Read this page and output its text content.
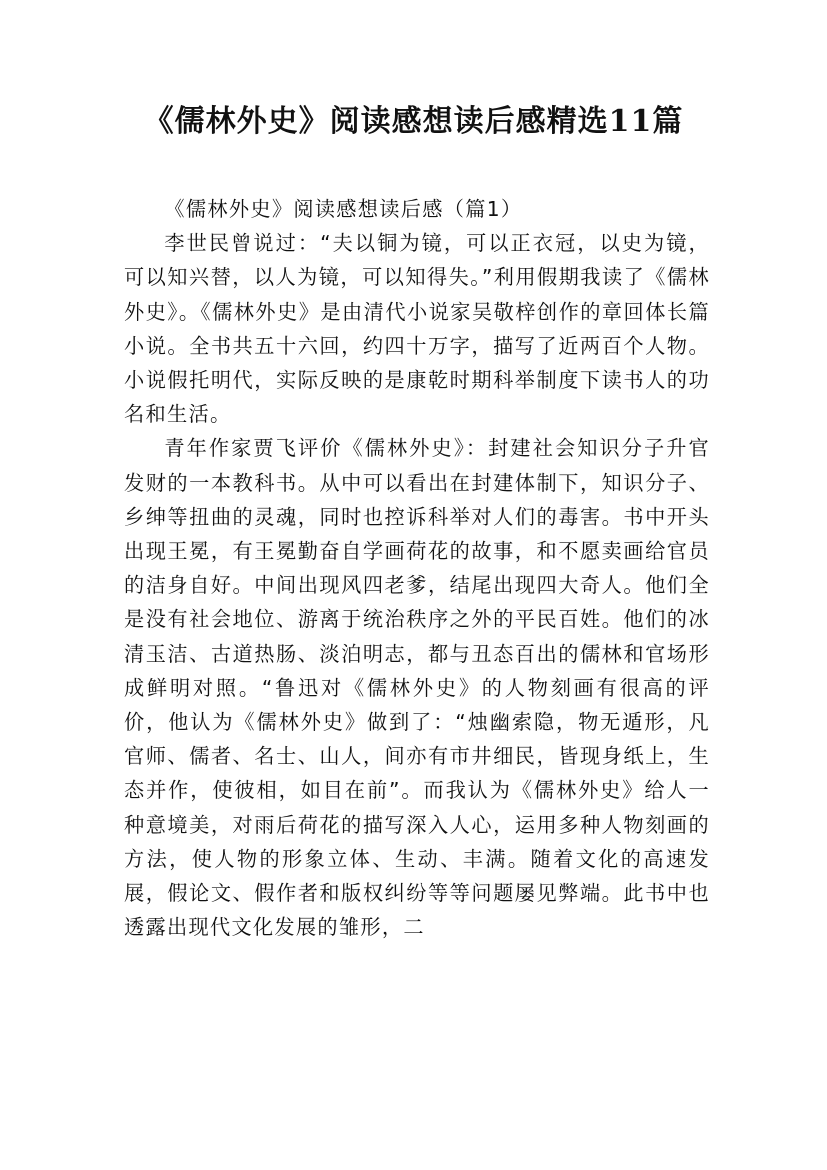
《儒林外史》阅读感想读后感精选11篇

《儒林外史》阅读感想读后感（篇1）

李世民曾说过：“夫以铜为镜，可以正衣冠，以史为镜，可以知兴替，以人为镜，可以知得失。”利用假期我读了《儒林外史》。《儒林外史》是由清代小说家吴敬梓创作的章回体长篇小说。全书共五十六回，约四十万字，描写了近两百个人物。小说假托明代，实际反映的是康乾时期科举制度下读书人的功名和生活。

青年作家贾飞评价《儒林外史》：封建社会知识分子升官发财的一本教科书。从中可以看出在封建体制下，知识分子、乡绅等扭曲的灵魂，同时也控诉科举对人们的毒害。书中开头出现王冕，有王冕勤奋自学画荷花的故事，和不愿卖画给官员的洁身自好。中间出现风四老爹，结尾出现四大奇人。他们全是没有社会地位、游离于统治秩序之外的平民百姓。他们的冰清玉洁、古道热肠、淡泊明志，都与丑态百出的儒林和官场形成鲜明对照。“鲁迅对《儒林外史》的人物刻画有很高的评价，他认为《儒林外史》做到了：“烛幽索隐，物无遁形，凡官师、儒者、名士、山人，间亦有市井细民，皆现身纸上，生态并作，使彼相，如目在前”。而我认为《儒林外史》给人一种意境美，对雨后荷花的描写深入人心，运用多种人物刻画的方法，使人物的形象立体、生动、丰满。随着文化的高速发展，假论文、假作者和版权纠纷等等问题屡见弊端。此书中也透露出现代文化发展的雏形，二
